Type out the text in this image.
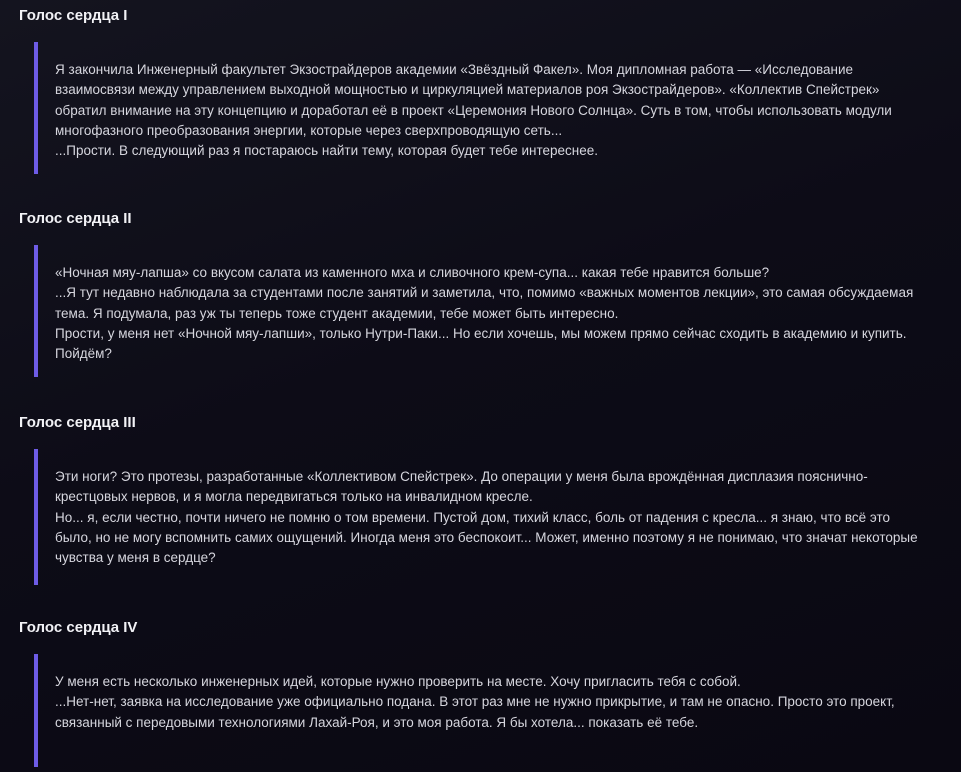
Голос сердца I

Я закончила Инженерный факультет Экзострайдеров академии «Звёздный Факел». Моя дипломная работа — «Исследование взаимосвязи между управлением выходной мощностью и циркуляцией материалов роя Экзострайдеров». «Коллектив Спейстрек» обратил внимание на эту концепцию и доработал её в проект «Церемония Нового Солнца». Суть в том, чтобы использовать модули многофазного преобразования энергии, которые через сверхпроводящую сеть...
...Прости. В следующий раз я постараюсь найти тему, которая будет тебе интереснее.

Голос сердца II

«Ночная мяу-лапша» со вкусом салата из каменного мха и сливочного крем-супа... какая тебе нравится больше?
...Я тут недавно наблюдала за студентами после занятий и заметила, что, помимо «важных моментов лекции», это самая обсуждаемая тема. Я подумала, раз уж ты теперь тоже студент академии, тебе может быть интересно.
Прости, у меня нет «Ночной мяу-лапши», только Нутри-Паки... Но если хочешь, мы можем прямо сейчас сходить в академию и купить. Пойдём?

Голос сердца III

Эти ноги? Это протезы, разработанные «Коллективом Спейстрек». До операции у меня была врождённая дисплазия пояснично-крестцовых нервов, и я могла передвигаться только на инвалидном кресле.
Но... я, если честно, почти ничего не помню о том времени. Пустой дом, тихий класс, боль от падения с кресла... я знаю, что всё это было, но не могу вспомнить самих ощущений. Иногда меня это беспокоит... Может, именно поэтому я не понимаю, что значат некоторые чувства у меня в сердце?

Голос сердца IV

У меня есть несколько инженерных идей, которые нужно проверить на месте. Хочу пригласить тебя с собой.
...Нет-нет, заявка на исследование уже официально подана. В этот раз мне не нужно прикрытие, и там не опасно. Просто это проект, связанный с передовыми технологиями Лахай-Роя, и это моя работа. Я бы хотела... показать её тебе.
